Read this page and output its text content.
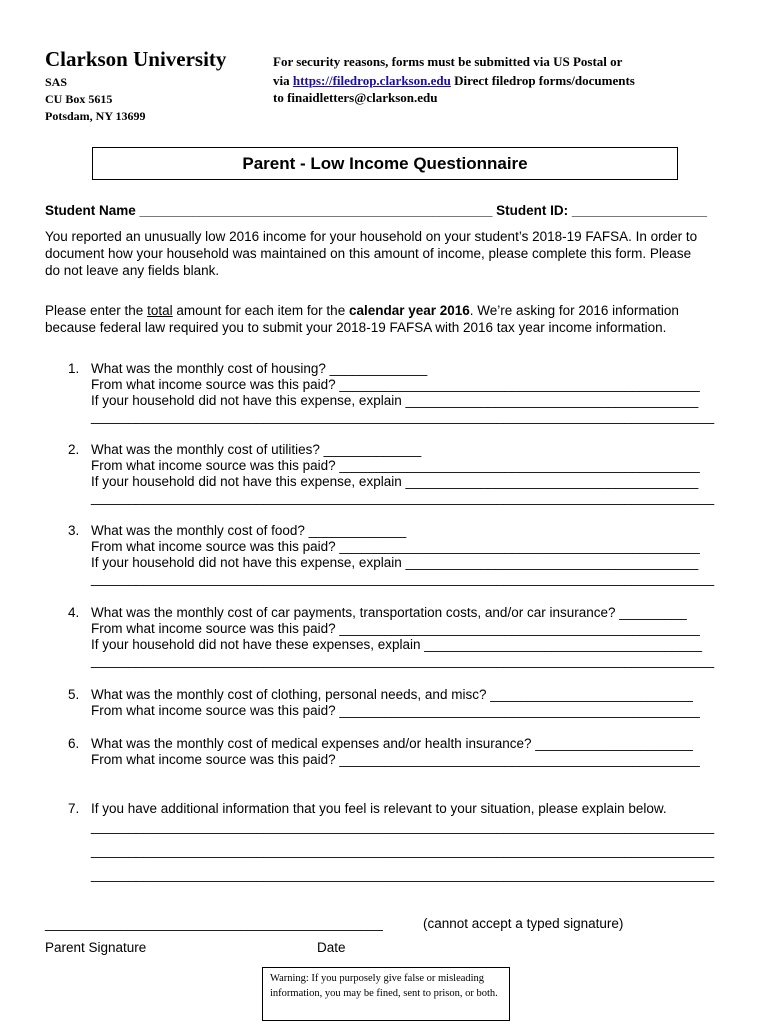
Clarkson University
SAS
CU Box 5615
Potsdam, NY 13699
For security reasons, forms must be submitted via US Postal or
via https://filedrop.clarkson.edu Direct filedrop forms/documents
to finaidletters@clarkson.edu
Parent - Low Income Questionnaire
Student Name _______________________________________________ Student ID: __________________
You reported an unusually low 2016 income for your household on your student’s 2018-19 FAFSA. In order to
document how your household was maintained on this amount of income, please complete this form. Please
do not leave any fields blank.
Please enter the total amount for each item for the calendar year 2016. We’re asking for 2016 information
because federal law required you to submit your 2018-19 FAFSA with 2016 tax year income information.
1. What was the monthly cost of housing? _____________
From what income source was this paid? ________________________________________________
If your household did not have this expense, explain _______________________________________
___________________________________________________________________________________
2. What was the monthly cost of utilities? _____________
From what income source was this paid? ________________________________________________
If your household did not have this expense, explain _______________________________________
___________________________________________________________________________________
3. What was the monthly cost of food? _____________
From what income source was this paid? ________________________________________________
If your household did not have this expense, explain _______________________________________
___________________________________________________________________________________
4. What was the monthly cost of car payments, transportation costs, and/or car insurance? _________
From what income source was this paid? ________________________________________________
If your household did not have these expenses, explain _____________________________________
___________________________________________________________________________________
5. What was the monthly cost of clothing, personal needs, and misc? ___________________________
From what income source was this paid? ________________________________________________
6. What was the monthly cost of medical expenses and/or health insurance? _____________________
From what income source was this paid? ________________________________________________
7. If you have additional information that you feel is relevant to your situation, please explain below.
___________________________________________________________________________________
___________________________________________________________________________________
___________________________________________________________________________________
_____________________________________________	(cannot accept a typed signature)
Parent Signature	Date
Warning: If you purposely give false or misleading information, you may be fined, sent to prison, or both.
